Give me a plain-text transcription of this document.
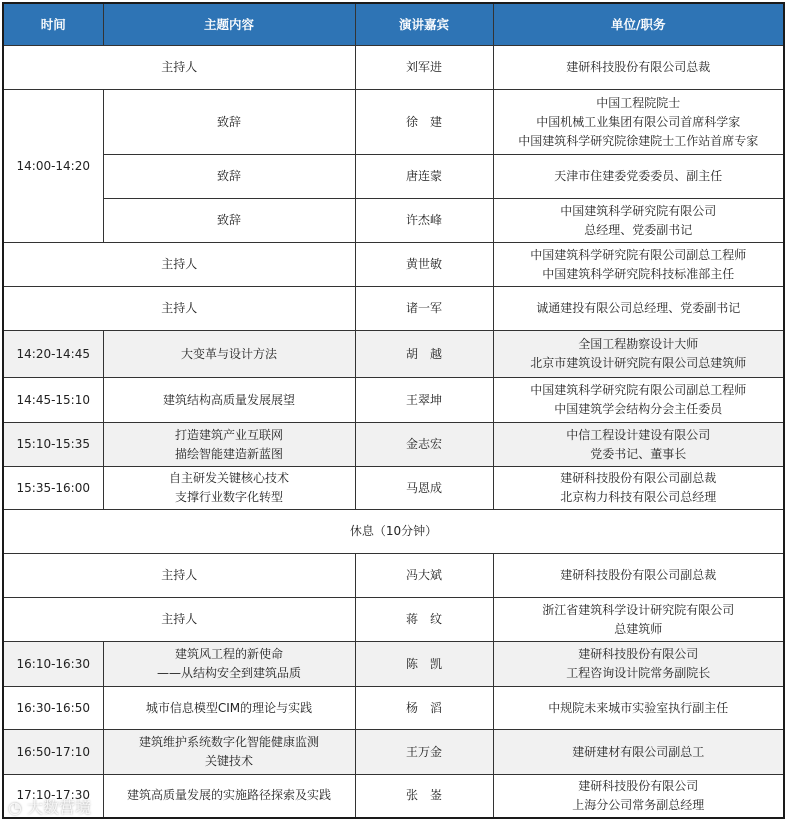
时间	主题内容	演讲嘉宾	单位/职务
主持人		刘军进	建研科技股份有限公司总裁

14:00-14:20	致辞	徐　建	中国工程院院士
中国机械工业集团有限公司首席科学家
中国建筑科学研究院徐建院士工作站首席专家

	致辞	唐连蒙	天津市住建委党委委员、副主任

	致辞	许杰峰	中国建筑科学研究院有限公司
总经理、党委副书记

主持人		黄世敏	中国建筑科学研究院有限公司副总工程师
中国建筑科学研究院科技标准部主任

主持人		诸一军	诚通建投有限公司总经理、党委副书记

14:20-14:45	大变革与设计方法	胡　越	全国工程勘察设计大师
北京市建筑设计研究院有限公司总建筑师

14:45-15:10	建筑结构高质量发展展望	王翠坤	中国建筑科学研究院有限公司副总工程师
中国建筑学会结构分会主任委员

15:10-15:35	打造建筑产业互联网
描绘智能建造新蓝图	金志宏	中信工程设计建设有限公司
党委书记、董事长

15:35-16:00	自主研发关键核心技术
支撑行业数字化转型	马恩成	建研科技股份有限公司副总裁
北京构力科技有限公司总经理

休息（10分钟）			
主持人		冯大斌	建研科技股份有限公司副总裁

主持人		蒋　纹	浙江省建筑科学设计研究院有限公司
总建筑师

16:10-16:30	建筑风工程的新使命
——从结构安全到建筑品质	陈　凯	建研科技股份有限公司
工程咨询设计院常务副院长

16:30-16:50	城市信息模型CIM的理论与实践	杨　滔	中规院未来城市实验室执行副主任

16:50-17:10	建筑维护系统数字化智能健康监测
关键技术	王万金	建研建材有限公司副总工

17:10-17:30	建筑高质量发展的实施路径探索及实践	张　崟	建研科技股份有限公司
上海分公司常务副总经理
◔ 大数营境
